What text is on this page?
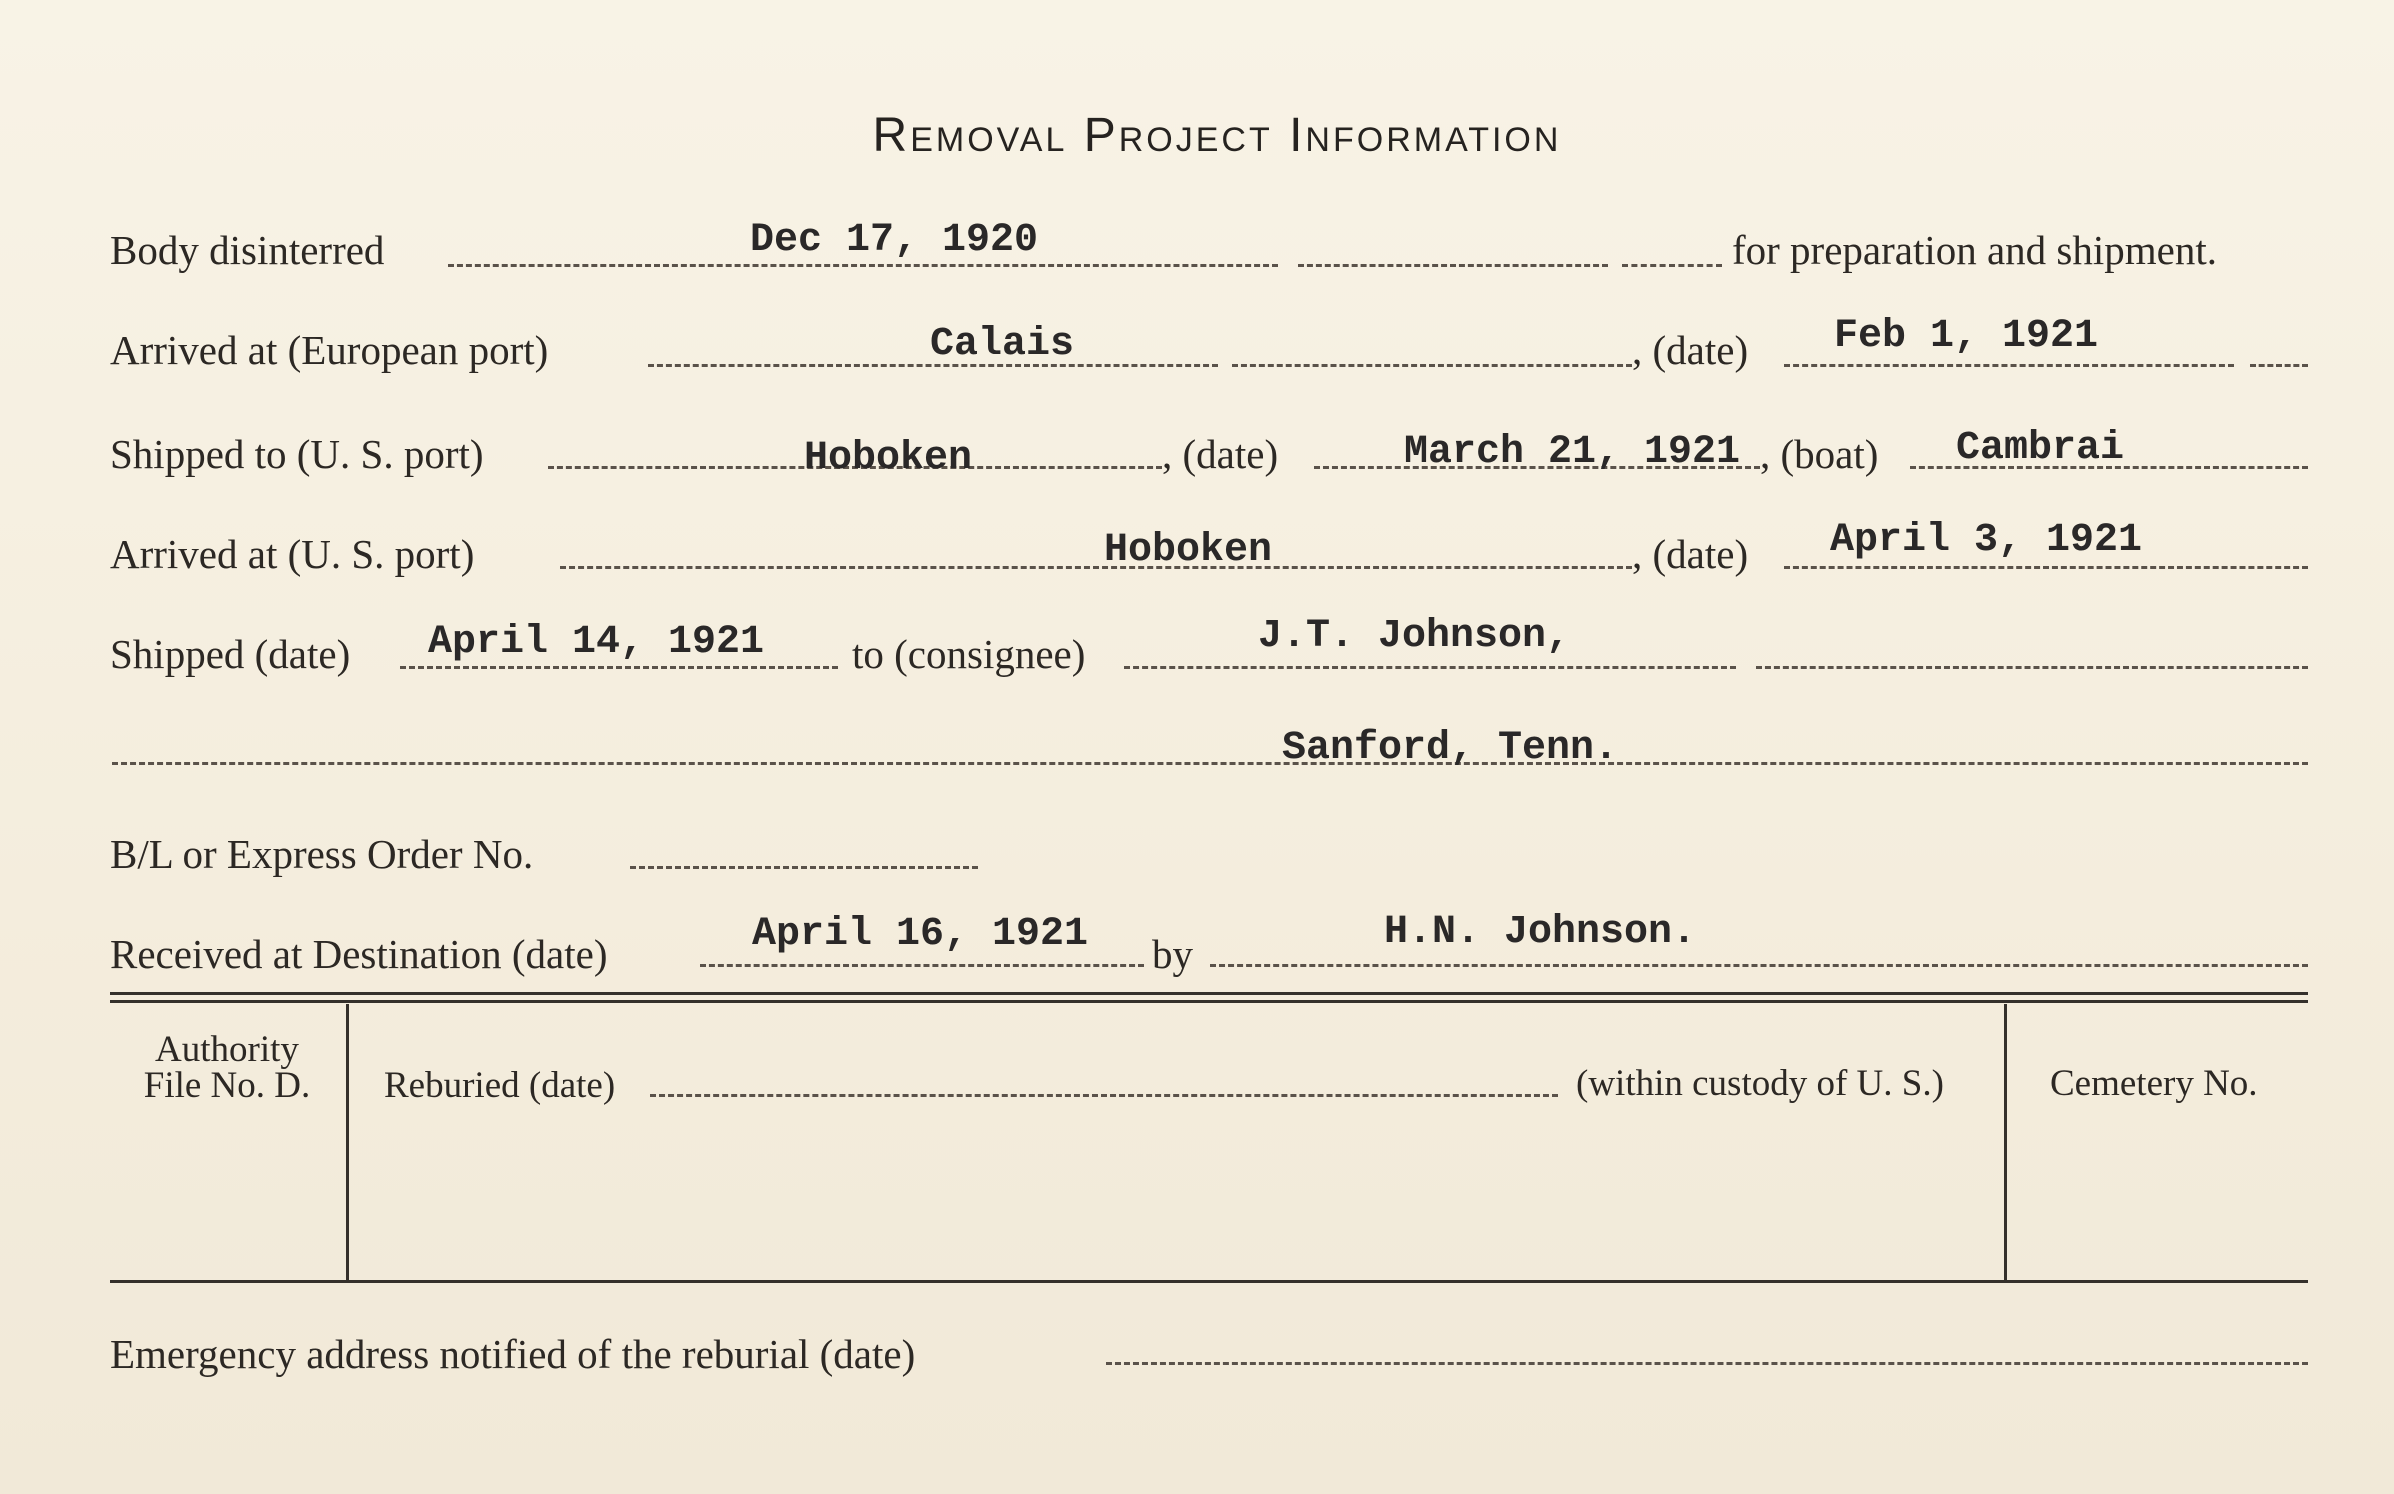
Removal Project Information
Body disinterred	Dec 17, 1920	for preparation and shipment.
Arrived at (European port)	Calais	, (date) Feb 1, 1921
Shipped to (U. S. port)	Hoboken	, (date)	March 21, 1921 , (boat) Cambrai
Arrived at (U. S. port)	Hoboken	, (date) April 3, 1921
Shipped (date) April 14, 1921 to (consignee)	J.T. Johnson,
Sanford, Tenn.
B/L or Express Order No.
Received at Destination (date)	April 16, 1921 by	H.N. Johnson.
Authority
File No. D.	Reburied (date)	(within custody of U. S.)	Cemetery No.
Emergency address notified of the reburial (date)
